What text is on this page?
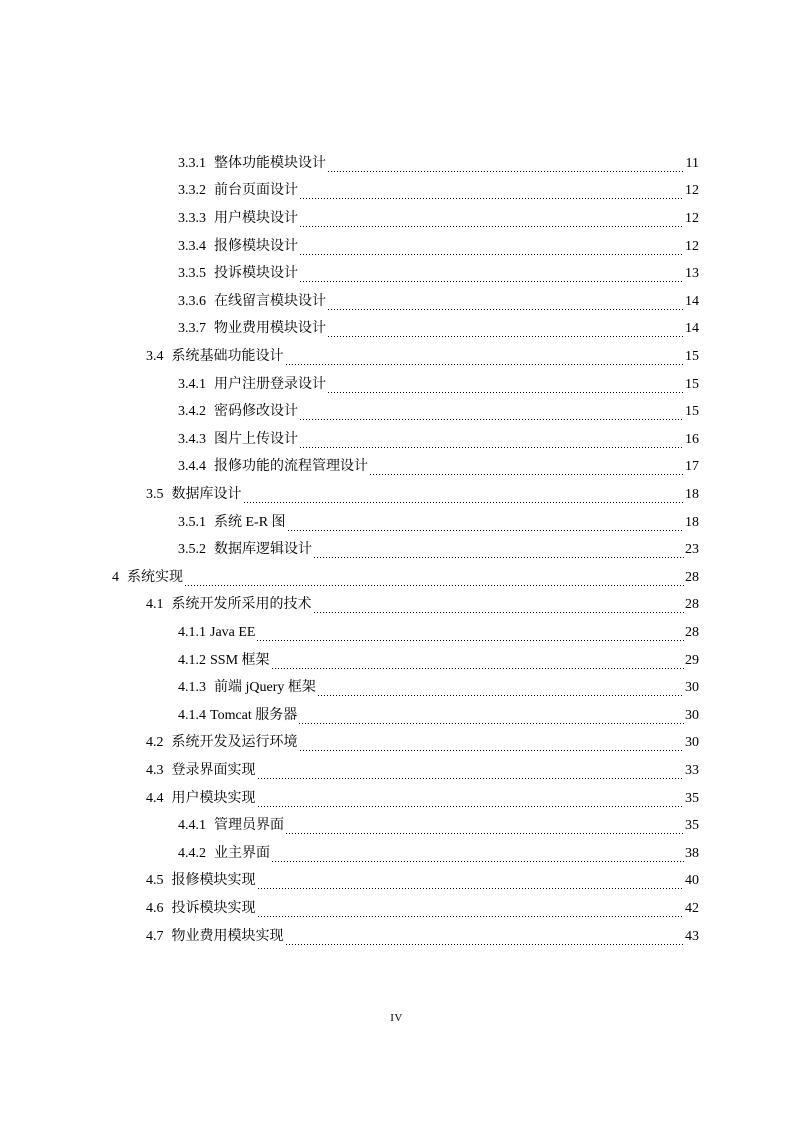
3.3.1 整体功能模块设计	11
3.3.2 前台页面设计	12
3.3.3 用户模块设计	12
3.3.4 报修模块设计	12
3.3.5 投诉模块设计	13
3.3.6 在线留言模块设计	14
3.3.7 物业费用模块设计	14
3.4 系统基础功能设计	15
3.4.1 用户注册登录设计	15
3.4.2 密码修改设计	15
3.4.3 图片上传设计	16
3.4.4 报修功能的流程管理设计	17
3.5 数据库设计	18
3.5.1 系统 E-R 图	18
3.5.2 数据库逻辑设计	23
4 系统实现	28
4.1 系统开发所采用的技术	28
4.1.1 Java EE	28
4.1.2 SSM 框架	29
4.1.3 前端 jQuery 框架	30
4.1.4 Tomcat 服务器	30
4.2 系统开发及运行环境	30
4.3 登录界面实现	33
4.4 用户模块实现	35
4.4.1 管理员界面	35
4.4.2 业主界面	38
4.5 报修模块实现	40
4.6 投诉模块实现	42
4.7 物业费用模块实现	43
IV
